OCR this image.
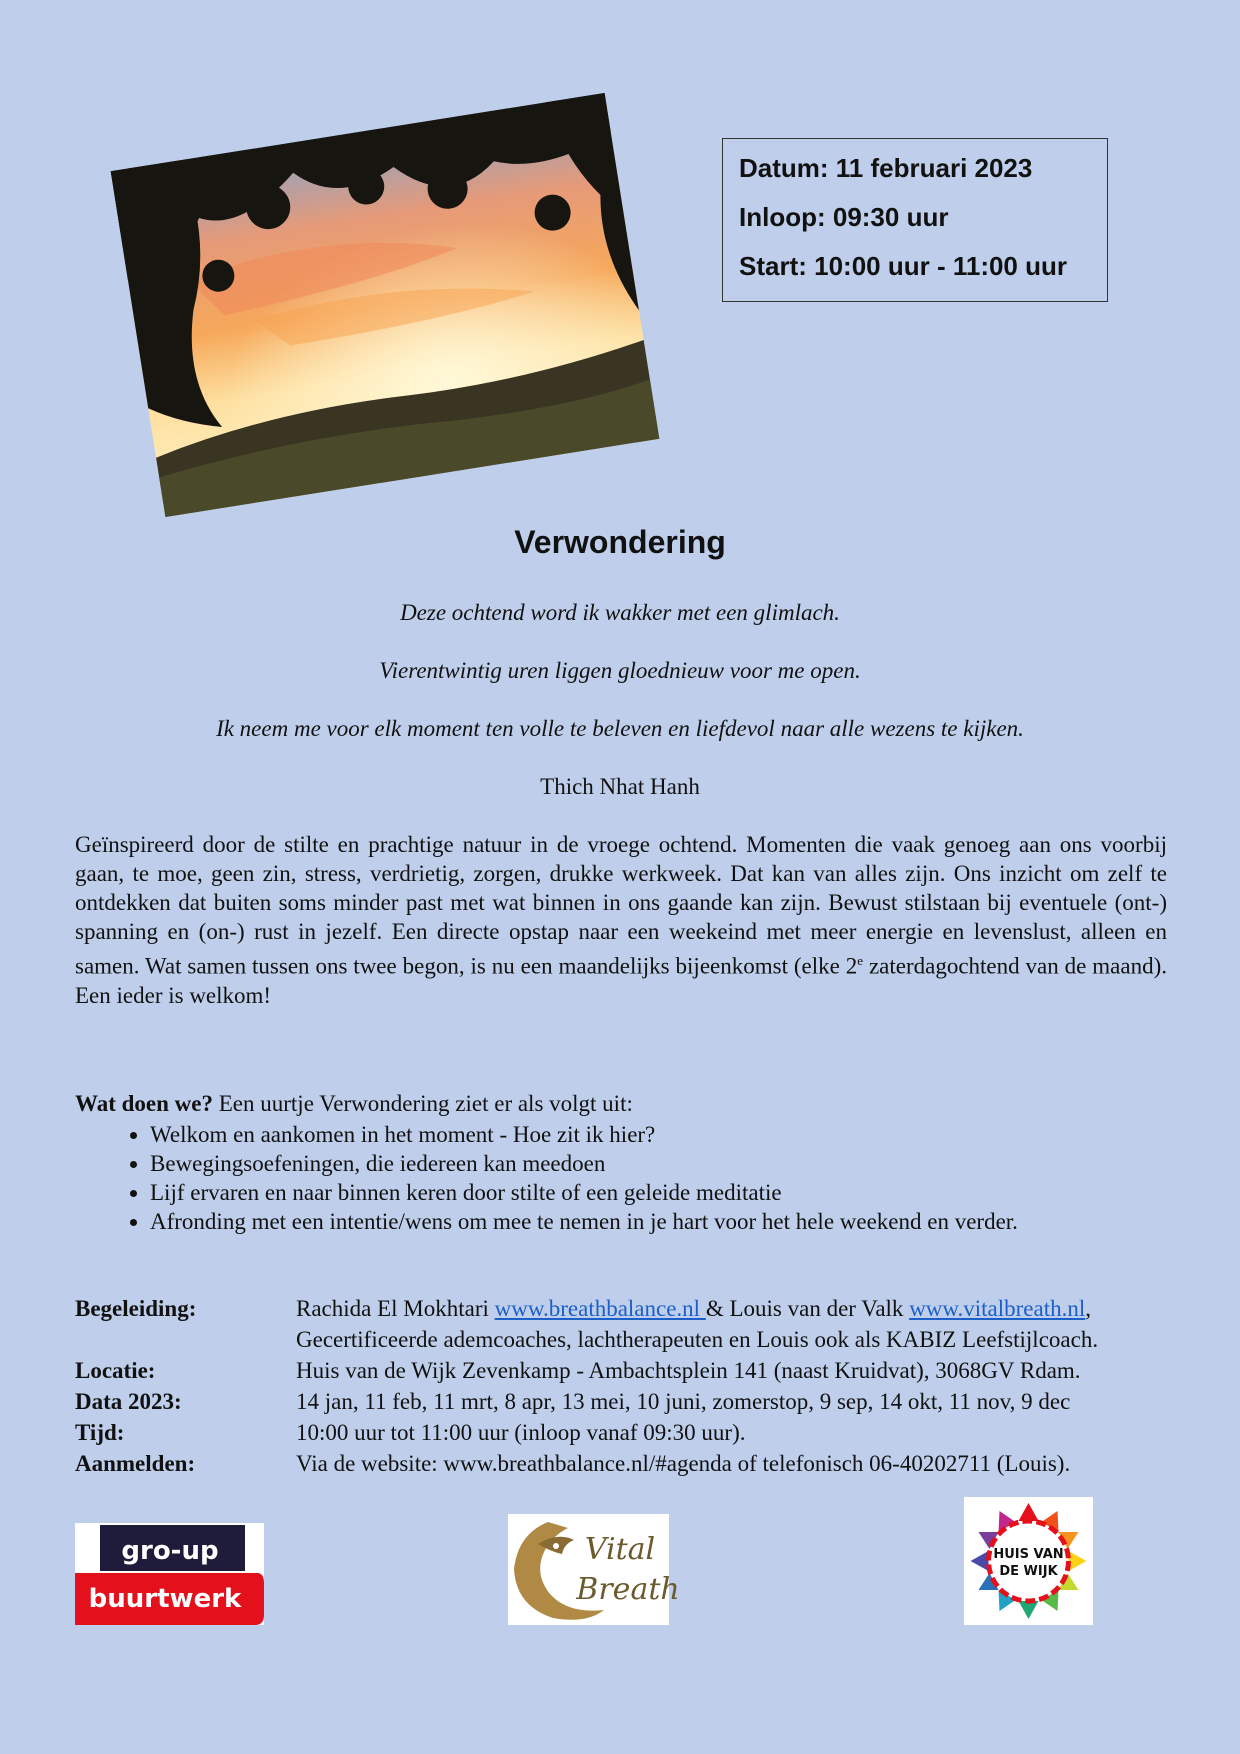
Datum: 11 februari 2023
Inloop: 09:30 uur
Start: 10:00 uur - 11:00 uur
Verwondering
Deze ochtend word ik wakker met een glimlach.
Vierentwintig uren liggen gloednieuw voor me open.
Ik neem me voor elk moment ten volle te beleven en liefdevol naar alle wezens te kijken.
Thich Nhat Hanh

Geïnspireerd door de stilte en prachtige natuur in de vroege ochtend. Momenten die vaak genoeg aan ons voorbij gaan, te moe, geen zin, stress, verdrietig, zorgen, drukke werkweek. Dat kan van alles zijn. Ons inzicht om zelf te ontdekken dat buiten soms minder past met wat binnen in ons gaande kan zijn. Bewust stilstaan bij eventuele (ont-) spanning en (on-) rust in jezelf. Een directe opstap naar een weekeind met meer energie en levenslust, alleen en samen. Wat samen tussen ons twee begon, is nu een maandelijks bijeenkomst (elke 2e zaterdagochtend van de maand). Een ieder is welkom!

Wat doen we? Een uurtje Verwondering ziet er als volgt uit:

• Welkom en aankomen in het moment - Hoe zit ik hier?
• Bewegingsoefeningen, die iedereen kan meedoen
• Lijf ervaren en naar binnen keren door stilte of een geleide meditatie
• Afronding met een intentie/wens om mee te nemen in je hart voor het hele weekend en verder.
Begeleiding:	Rachida El Mokhtari www.breathbalance.nl & Louis van der Valk www.vitalbreath.nl,
	Gecertificeerde ademcoaches, lachtherapeuten en Louis ook als KABIZ Leefstijlcoach.
Locatie:	Huis van de Wijk Zevenkamp - Ambachtsplein 141 (naast Kruidvat), 3068GV Rdam.
Data 2023:	14 jan, 11 feb, 11 mrt, 8 apr, 13 mei, 10 juni, zomerstop, 9 sep, 14 okt, 11 nov, 9 dec
Tijd:	10:00 uur tot 11:00 uur (inloop vanaf 09:30 uur).
Aanmelden:	Via de website: www.breathbalance.nl/#agenda of telefonisch 06-40202711 (Louis).
gro-up
buurtwerk
Vital
Breath
HUIS VAN
DE WIJK
